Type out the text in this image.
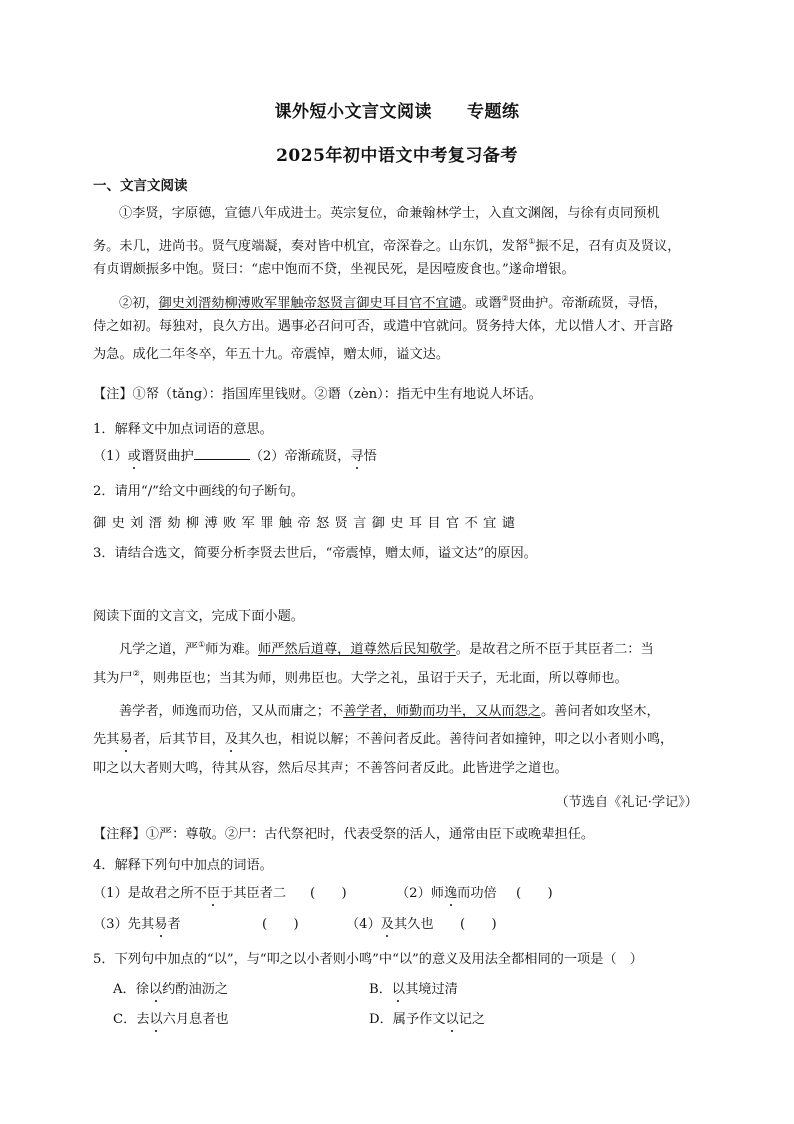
课外短小文言文阅读　　专题练
2025年初中语文中考复习备考
一、文言文阅读
①李贤，字原德，宣德八年成进士。英宗复位，命兼翰林学士，入直文渊阁，与徐有贞同预机
务。未几，进尚书。贤气度端凝，奏对皆中机宜，帝深眷之。山东饥，发帑①振不足，召有贞及贤议，
有贞谓颇振多中饱。贤曰：“虑中饱而不贷，坐视民死，是因噎废食也。”遂命增银。
②初，御史刘溍劾柳溥败军罪触帝怒贤言御史耳目官不宜谴。或谮②贤曲护。帝渐疏贤，寻悟，
侍之如初。每独对，良久方出。遇事必召问可否，或遣中官就问。贤务持大体，尤以惜人才、开言路
为急。成化二年冬卒，年五十九。帝震悼，赠太师，谥文达。
【注】①帑（tǎng）：指国库里钱财。②谮（zèn）：指无中生有地说人坏话。
1．解释文中加点词语的意思。
（1）或谮贤曲护	（2）帝渐疏贤，寻悟
2．请用“/”给文中画线的句子断句。
御 史 刘 溍 劾 柳 溥 败 军 罪 触 帝 怒 贤 言 御 史 耳 目 官 不 宜 谴
3．请结合选文，简要分析李贤去世后，“帝震悼，赠太师，谥文达”的原因。
阅读下面的文言文，完成下面小题。
凡学之道，严①师为难。师严然后道尊，道尊然后民知敬学。是故君之所不臣于其臣者二：当
其为尸②，则弗臣也；当其为师，则弗臣也。大学之礼，虽诏于天子，无北面，所以尊师也。
善学者，师逸而功倍，又从而庸之；不善学者，师勤而功半，又从而怨之。善问者如攻坚木，
先其易者，后其节目，及其久也，相说以解；不善问者反此。善待问者如撞钟，叩之以小者则小鸣，
叩之以大者则大鸣，待其从容，然后尽其声；不善答问者反此。此皆进学之道也。
（节选自《礼记·学记》）
【注释】①严：尊敬。②尸：古代祭祀时，代表受祭的活人，通常由臣下或晚辈担任。
4．解释下列句中加点的词语。
（1）是故君之所不臣于其臣者二 (　　)	（2）师逸而功倍 (　　)
（3）先其易者	(　　)	（4）及其久也 (　　)
5．下列句中加点的“以”，与“叩之以小者则小鸣”中“以”的意义及用法全都相同的一项是（　）
A．徐以约酌油沥之	B．以其境过清
C．去以六月息者也	D．属予作文以记之
